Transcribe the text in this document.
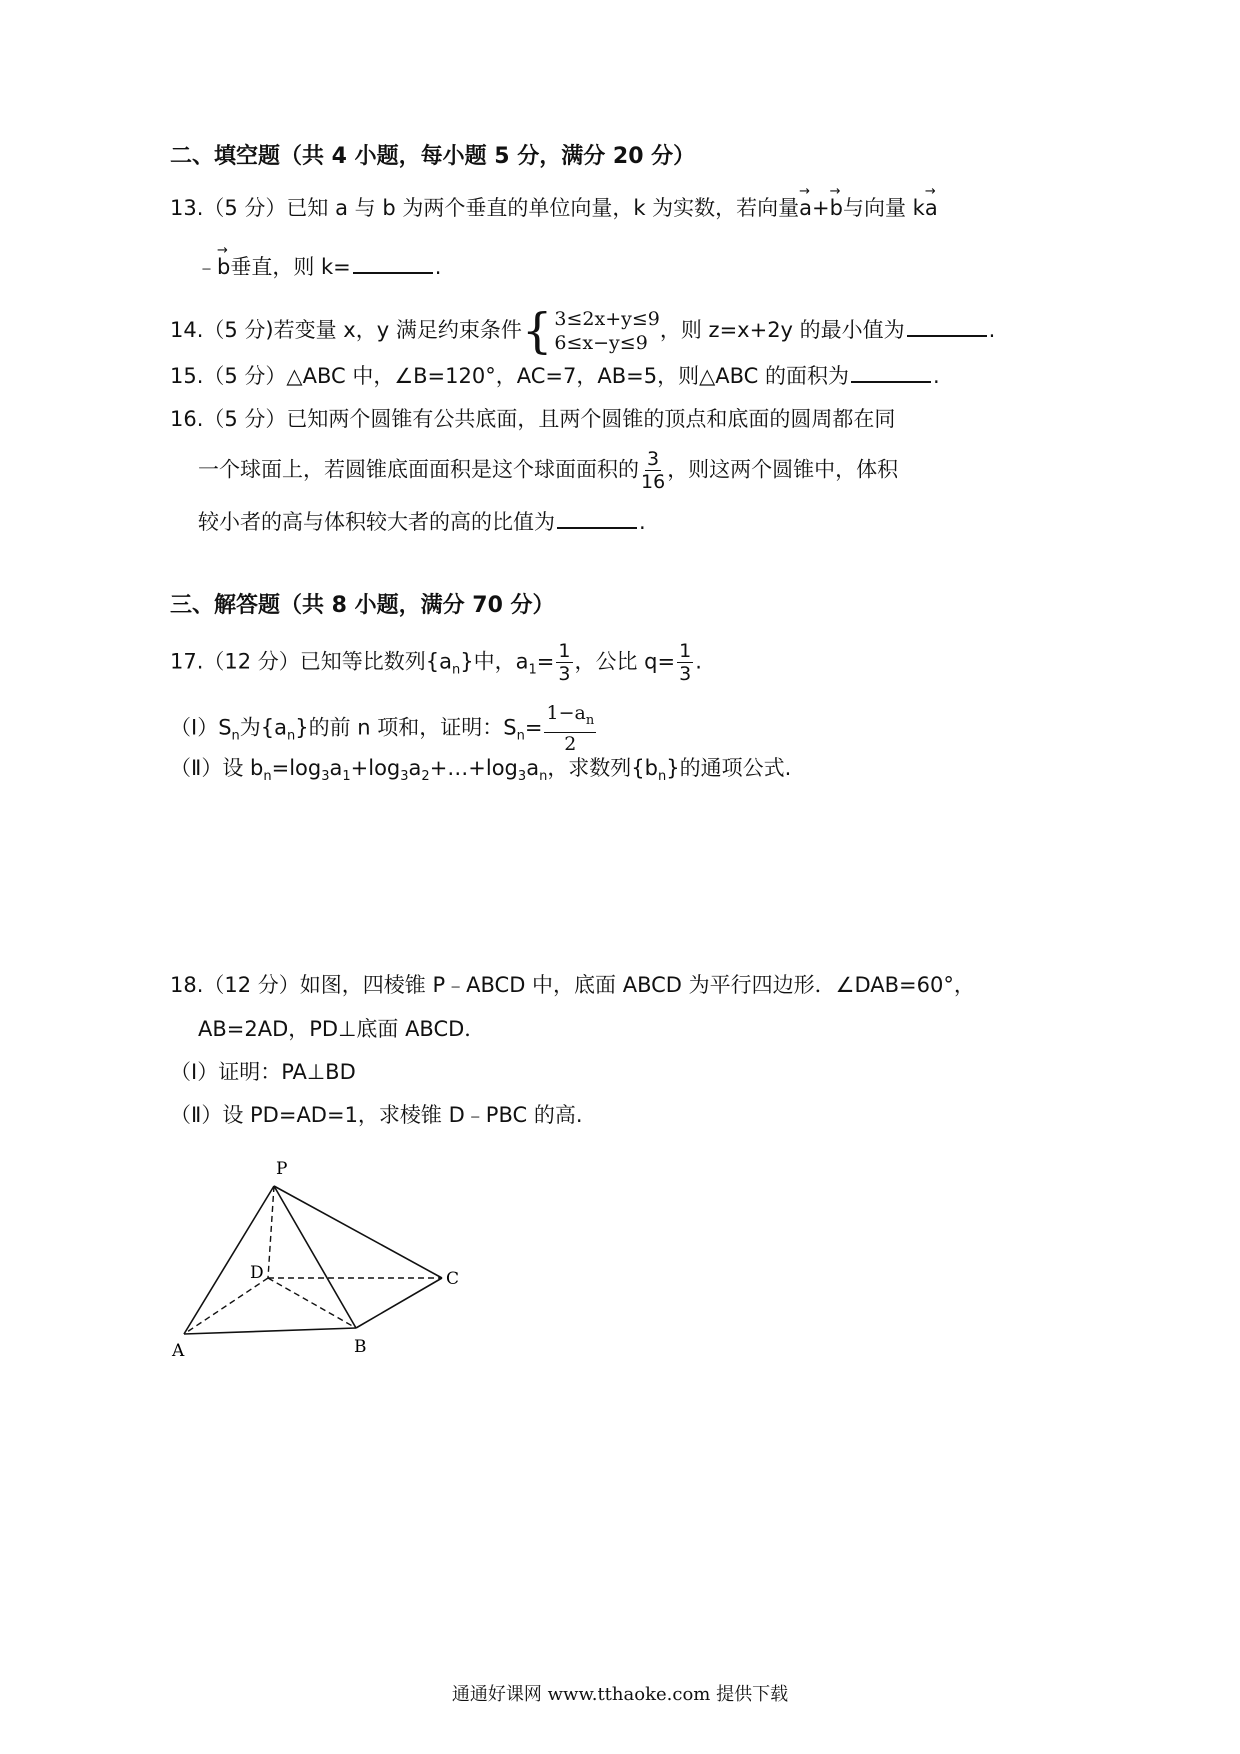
二、填空题（共 4 小题，每小题 5 分，满分 20 分）
13.（5 分）已知 a 与 b 为两个垂直的单位向量，k 为实数，若向量→ a+→ b与向量 k→ a
﹣→ b垂直，则 k=	.
14.（5 分)若变量 x，y 满足约束条件 { 3≤2x+y≤9
6≤x−y≤9
，则 z=x+2y 的最小值为	.
15.（5 分）△ABC 中，∠B=120°，AC=7，AB=5，则△ABC 的面积为	.
16.（5 分）已知两个圆锥有公共底面，且两个圆锥的顶点和底面的圆周都在同
一个球面上，若圆锥底面面积是这个球面面积的 $\frac{3}{16}$ ，则这两个圆锥中，体积
较小者的高与体积较大者的高的比值为	.
三、解答题（共 8 小题，满分 70 分）
17.（12 分）已知等比数列$\{a_n\}$中，$a_1= \frac{1}{3}$ ，公比 $q= \frac{1}{3}$ .
$(Ⅰ)S_n$为$\{a_n\}$的前 n 项和，证明：$S_n= \frac{1-a_n}{2}$
（Ⅱ）设 $b_n=\log_3a_1+\log_3a_2+\dots+\log_3a_n$，求数列$\{b_n\}$的通项公式.
18.（12 分）如图，四棱锥 P﹣ABCD 中，底面 ABCD 为平行四边形．∠DAB=60°，
AB=2AD，PD⊥底面 ABCD．
（Ⅰ）证明：PA⊥BD
（Ⅱ）设 PD=AD=1，求棱锥 D﹣PBC 的高.
P
D	C
A	B
通通好课网 www.tthaoke.com 提供下载
